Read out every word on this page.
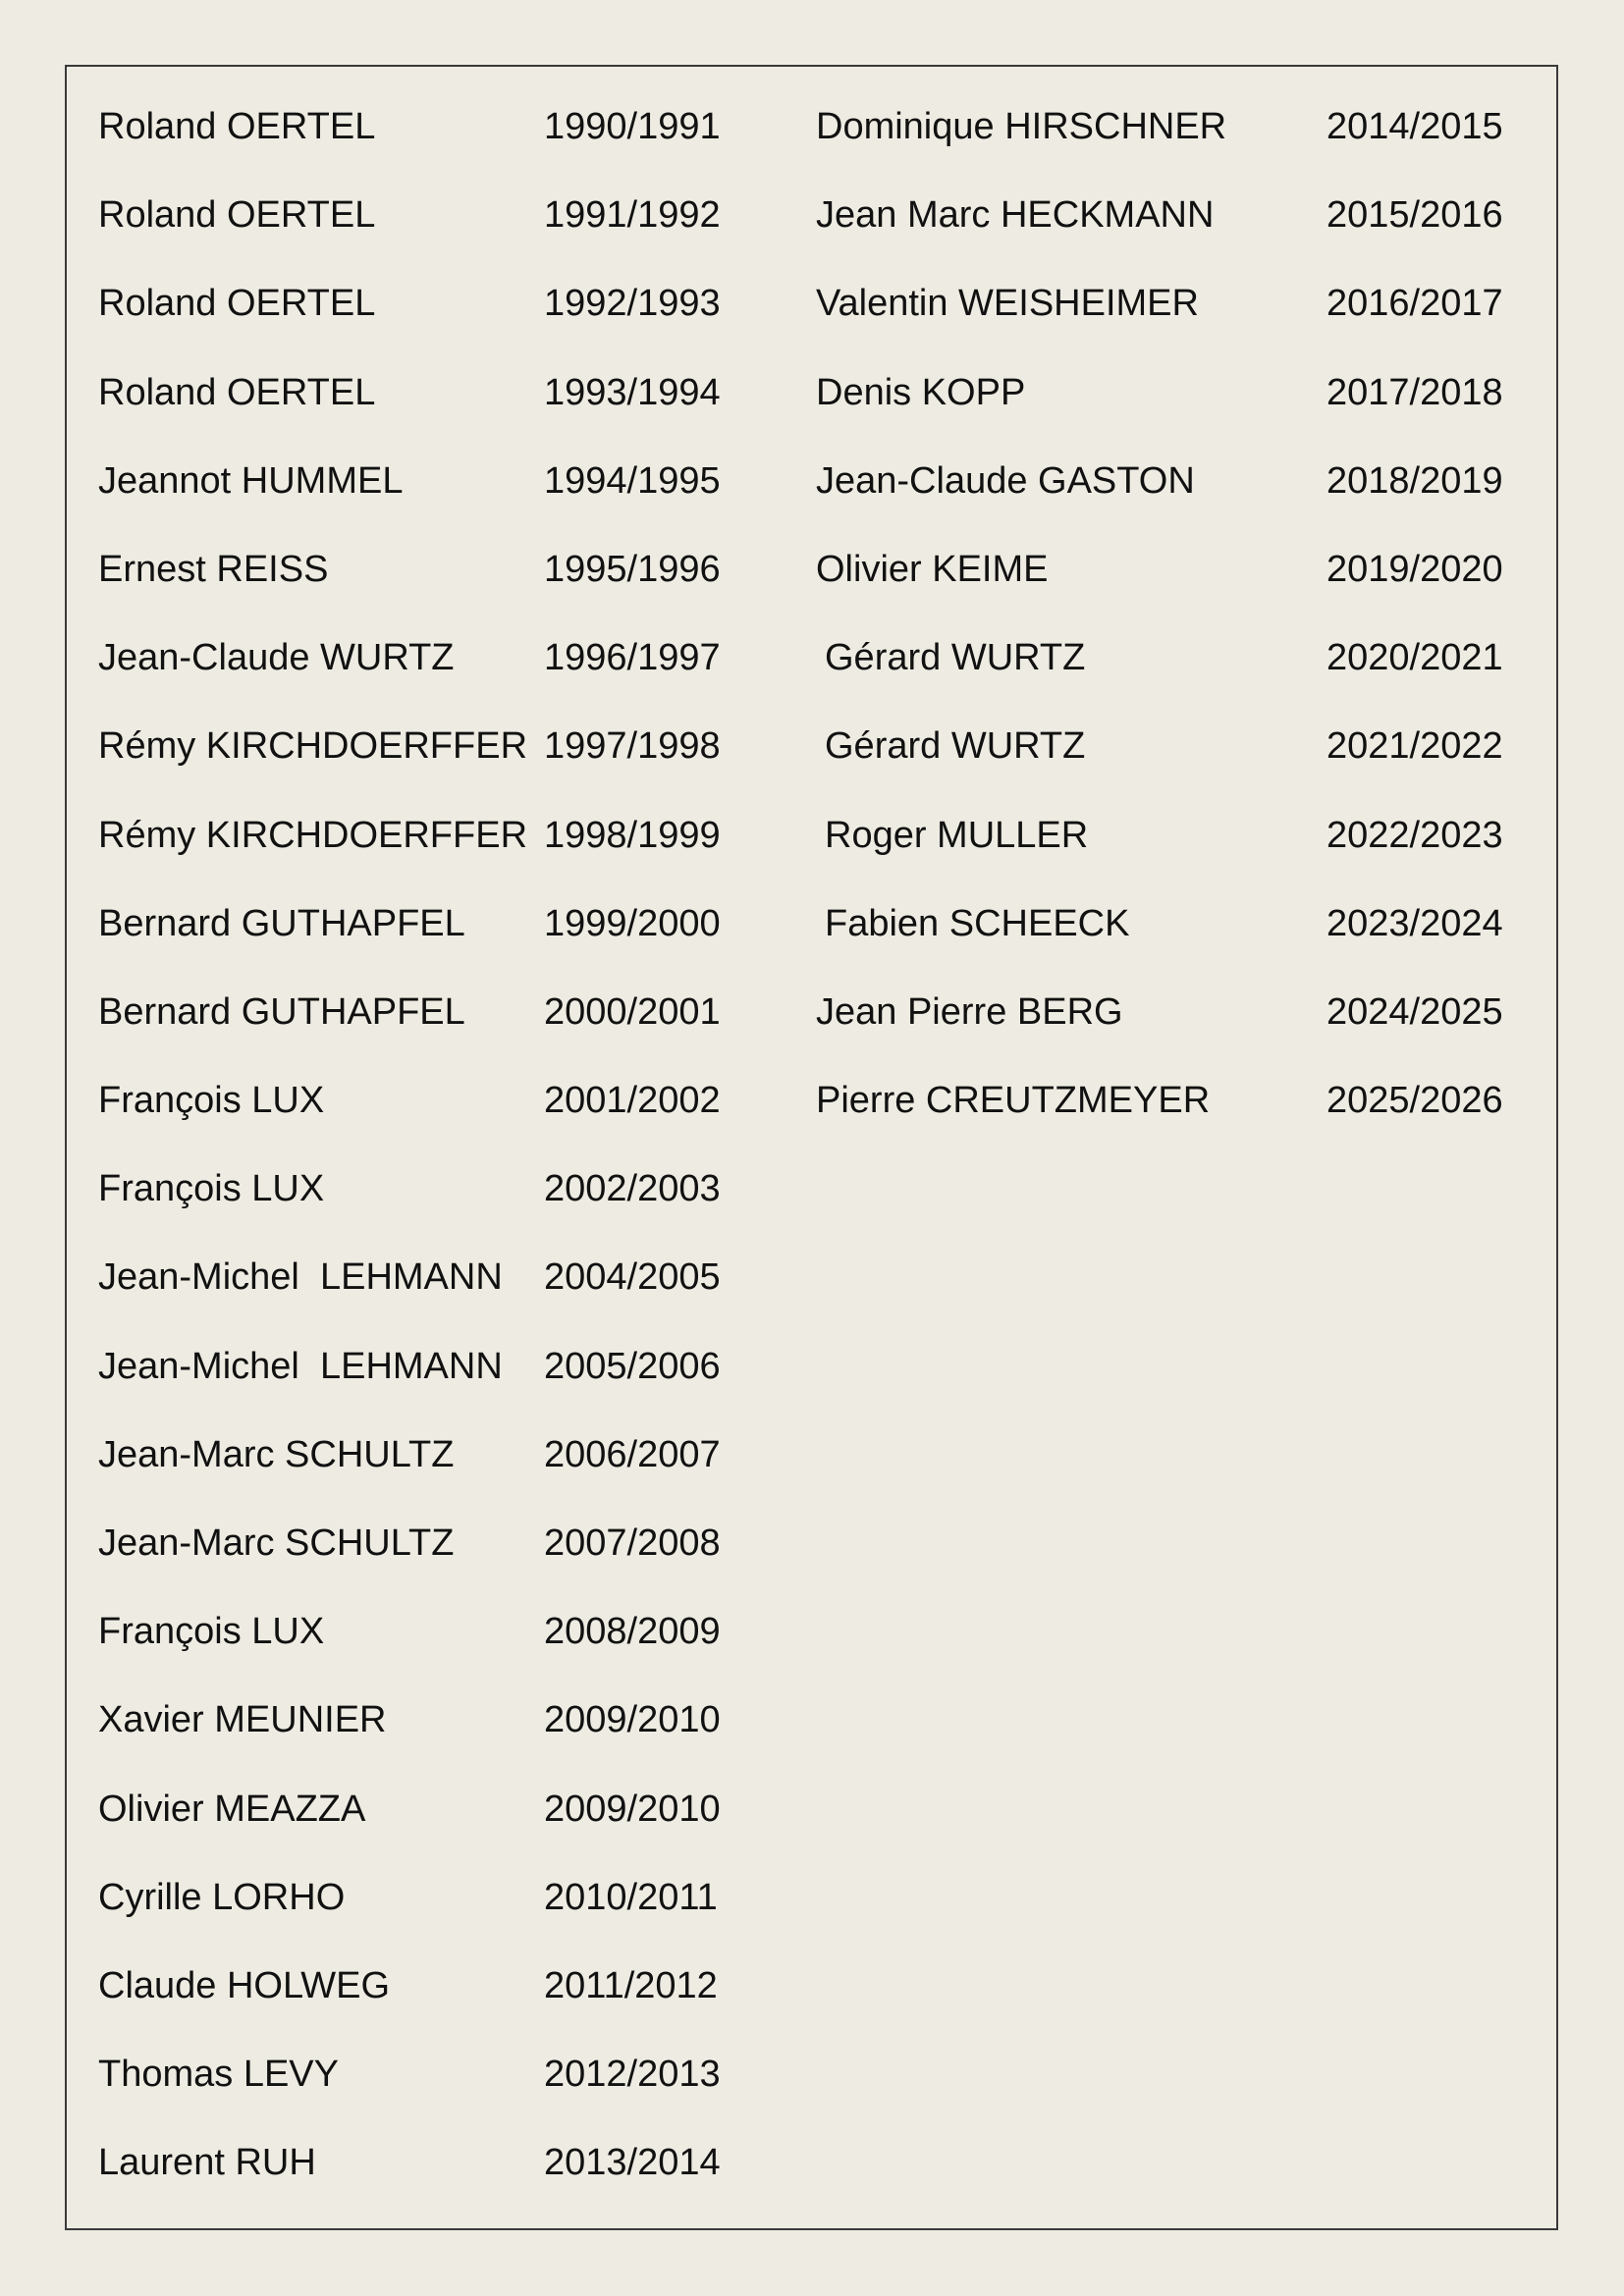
Roland OERTEL	1990/1991
Roland OERTEL	1991/1992
Roland OERTEL	1992/1993
Roland OERTEL	1993/1994
Jeannot HUMMEL	1994/1995
Ernest REISS	1995/1996
Jean-Claude WURTZ 1996/1997
Rémy KIRCHDOERFFER 1997/1998
Rémy KIRCHDOERFFER 1998/1999
Bernard GUTHAPFEL 1999/2000
Bernard GUTHAPFEL 2000/2001
François LUX	2001/2002
François LUX	2002/2003
Jean-Michel  LEHMANN 2004/2005
Jean-Michel  LEHMANN 2005/2006
Jean-Marc SCHULTZ 2006/2007
Jean-Marc SCHULTZ 2007/2008
François LUX	2008/2009
Xavier MEUNIER	2009/2010
Olivier MEAZZA	2009/2010
Cyrille LORHO	2010/2011
Claude HOLWEG	2011/2012
Thomas LEVY	2012/2013
Laurent RUH	2013/2014
Dominique HIRSCHNER	2014/2015
Jean Marc HECKMANN	2015/2016
Valentin WEISHEIMER	2016/2017
Denis KOPP	2017/2018
Jean-Claude GASTON	2018/2019
Olivier KEIME	2019/2020
Gérard WURTZ	2020/2021
Gérard WURTZ	2021/2022
Roger MULLER	2022/2023
Fabien SCHEECK	2023/2024
Jean Pierre BERG	2024/2025
Pierre CREUTZMEYER	2025/2026
